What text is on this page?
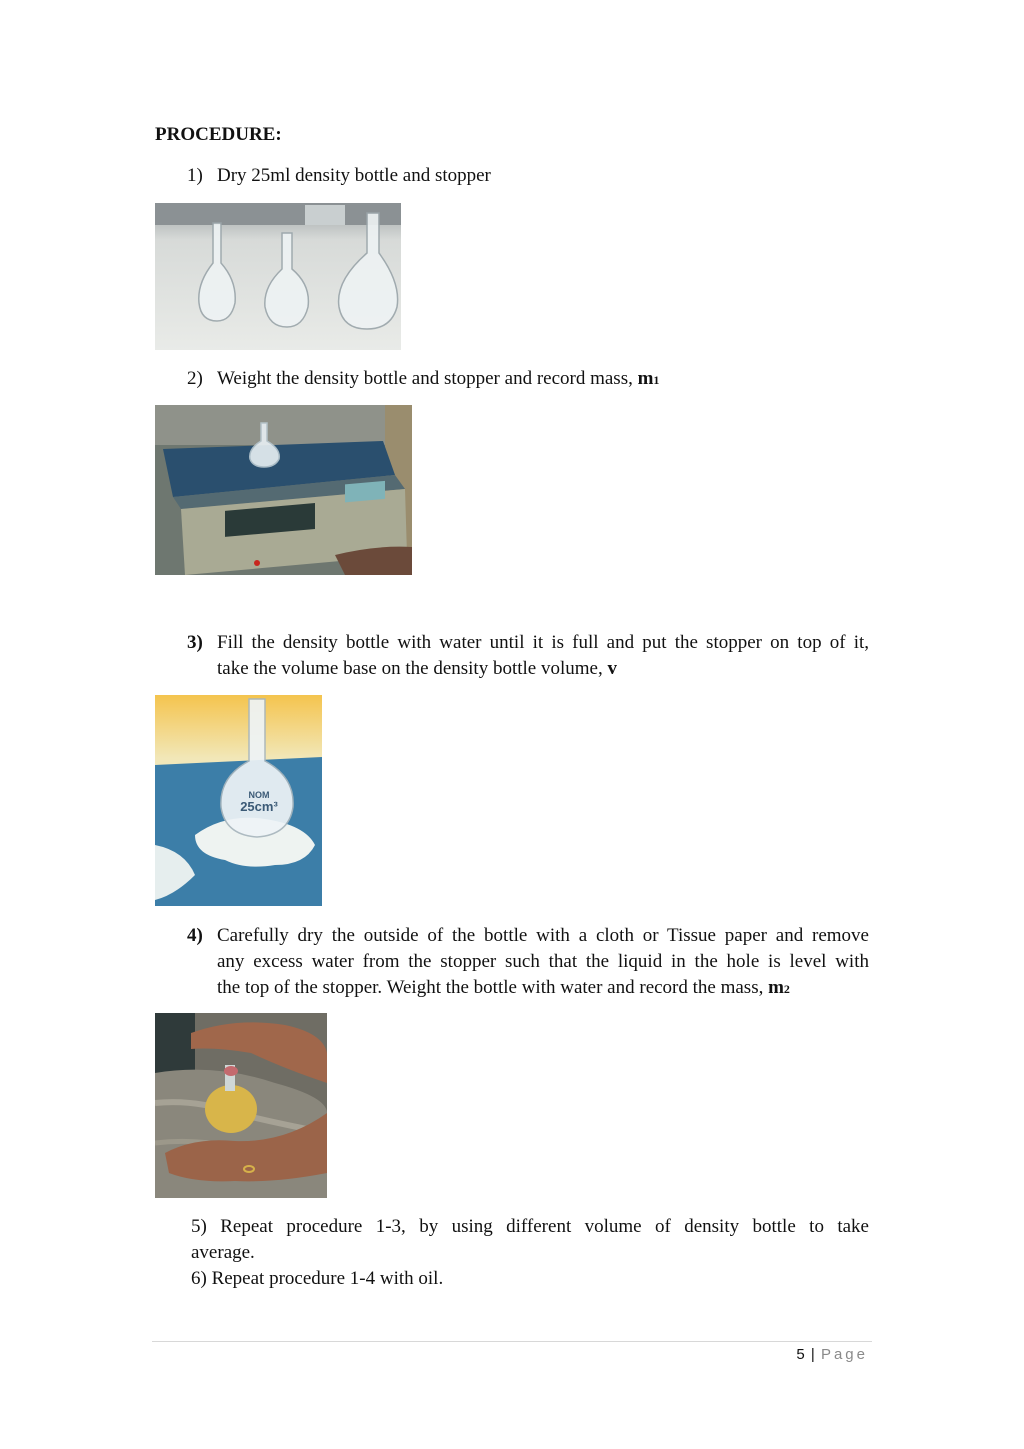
PROCEDURE:
1) Dry 25ml density bottle and stopper
2) Weight the density bottle and stopper and record mass, m1
3) Fill the density bottle with water until it is full and put the stopper on top of it,
take the volume base on the density bottle volume, v
NOM
25cm³
4) Carefully dry the outside of the bottle with a cloth or Tissue paper and remove
any excess water from the stopper such that the liquid in the hole is level with
the top of the stopper. Weight the bottle with water and record the mass, m2
5) Repeat procedure 1-3, by using different volume of density bottle to take
average.
6) Repeat procedure 1-4 with oil.
5 | Page
